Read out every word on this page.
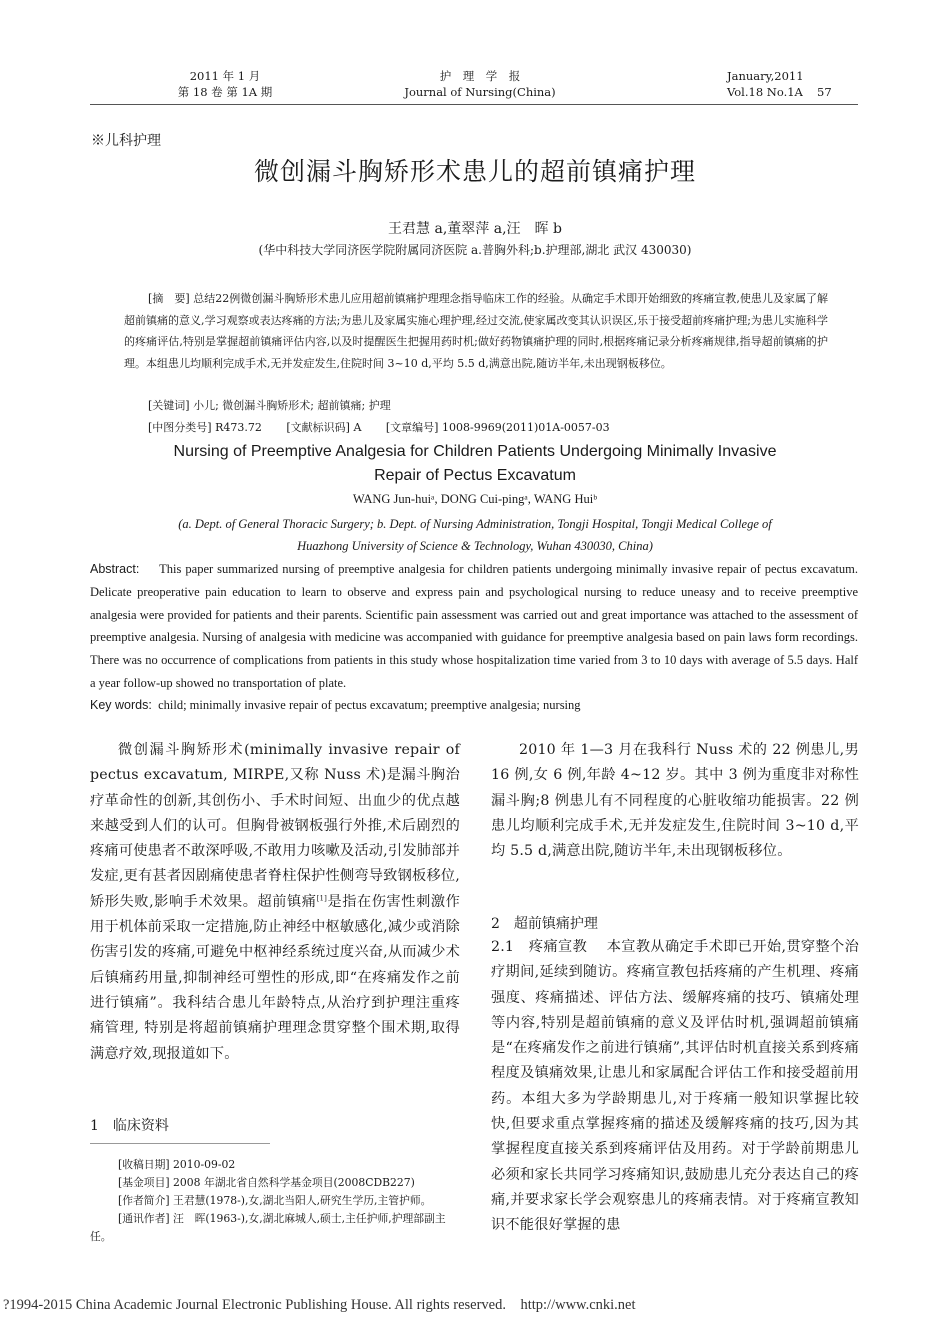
2011 年 1 月
第 18 卷 第 1A 期
护　理　学　报
Journal of Nursing(China)
January,2011
Vol.18 No.1A	57
※儿科护理
微创漏斗胸矫形术患儿的超前镇痛护理
王君慧 a,董翠萍 a,汪　晖 b
(华中科技大学同济医学院附属同济医院 a.普胸外科;b.护理部,湖北 武汉 430030)
[摘　要] 总结22例微创漏斗胸矫形术患儿应用超前镇痛护理理念指导临床工作的经验。从确定手术即开始细致的疼痛宣教,使患儿及家属了解超前镇痛的意义,学习观察或表达疼痛的方法;为患儿及家属实施心理护理,经过交流,使家属改变其认识误区,乐于接受超前疼痛护理;为患儿实施科学的疼痛评估,特别是掌握超前镇痛评估内容,以及时提醒医生把握用药时机;做好药物镇痛护理的同时,根据疼痛记录分析疼痛规律,指导超前镇痛的护理。本组患儿均顺利完成手术,无并发症发生,住院时间 3~10 d,平均 5.5 d,满意出院,随访半年,未出现钢板移位。
[关键词] 小儿; 微创漏斗胸矫形术; 超前镇痛; 护理
[中图分类号] R473.72 [文献标识码] A [文章编号] 1008-9969(2011)01A-0057-03
Nursing of Preemptive Analgesia for Children Patients Undergoing Minimally Invasive
Repair of Pectus Excavatum
WANG Jun-huiᵃ, DONG Cui-pingᵃ, WANG Huiᵇ
(a. Dept. of General Thoracic Surgery; b. Dept. of Nursing Administration, Tongji Hospital, Tongji Medical College of
Huazhong University of Science & Technology, Wuhan 430030, China)
Abstract: This paper summarized nursing of preemptive analgesia for children patients undergoing minimally invasive repair of pectus excavatum. Delicate preoperative pain education to learn to observe and express pain and psychological nursing to reduce uneasy and to receive preemptive analgesia were provided for patients and their parents. Scientific pain assessment was carried out and great importance was attached to the assessment of preemptive analgesia. Nursing of analgesia with medicine was accompanied with guidance for preemptive analgesia based on pain laws form recordings. There was no occurrence of complications from patients in this study whose hospitalization time varied from 3 to 10 days with average of 5.5 days. Half a year follow-up showed no transportation of plate.
Key words: child; minimally invasive repair of pectus excavatum; preemptive analgesia; nursing
微创漏斗胸矫形术(minimally invasive repair of pectus excavatum, MIRPE,又称 Nuss 术)是漏斗胸治疗革命性的创新,其创伤小、手术时间短、出血少的优点越来越受到人们的认可。但胸骨被钢板强行外推,术后剧烈的疼痛可使患者不敢深呼吸,不敢用力咳嗽及活动,引发肺部并发症,更有甚者因剧痛使患者脊柱保护性侧弯导致钢板移位,矫形失败,影响手术效果。超前镇痛[1]是指在伤害性刺激作用于机体前采取一定措施,防止神经中枢敏感化,减少或消除伤害引发的疼痛,可避免中枢神经系统过度兴奋,从而减少术后镇痛药用量,抑制神经可塑性的形成,即“在疼痛发作之前进行镇痛”。我科结合患儿年龄特点,从治疗到护理注重疼痛管理, 特别是将超前镇痛护理理念贯穿整个围术期,取得满意疗效,现报道如下。
1　临床资料
[收稿日期] 2010-09-02
[基金项目] 2008 年湖北省自然科学基金项目(2008CDB227)
[作者简介] 王君慧(1978-),女,湖北当阳人,研究生学历,主管护师。
[通讯作者] 汪　晖(1963-),女,湖北麻城人,硕士,主任护师,护理部副主任。
2010 年 1—3 月在我科行 Nuss 术的 22 例患儿,男 16 例,女 6 例,年龄 4~12 岁。其中 3 例为重度非对称性漏斗胸;8 例患儿有不同程度的心脏收缩功能损害。22 例患儿均顺利完成手术,无并发症发生,住院时间 3~10 d,平均 5.5 d,满意出院,随访半年,未出现钢板移位。
2　超前镇痛护理
2.1　疼痛宣教 本宣教从确定手术即已开始,贯穿整个治疗期间,延续到随访。疼痛宣教包括疼痛的产生机理、疼痛强度、疼痛描述、评估方法、缓解疼痛的技巧、镇痛处理等内容,特别是超前镇痛的意义及评估时机,强调超前镇痛是“在疼痛发作之前进行镇痛”,其评估时机直接关系到疼痛程度及镇痛效果,让患儿和家属配合评估工作和接受超前用药。本组大多为学龄期患儿,对于疼痛一般知识掌握比较快,但要求重点掌握疼痛的描述及缓解疼痛的技巧,因为其掌握程度直接关系到疼痛评估及用药。对于学龄前期患儿必须和家长共同学习疼痛知识,鼓励患儿充分表达自己的疼痛,并要求家长学会观察患儿的疼痛表情。对于疼痛宣教知识不能很好掌握的患
?1994-2015 China Academic Journal Electronic Publishing House. All rights reserved.    http://www.cnki.net
